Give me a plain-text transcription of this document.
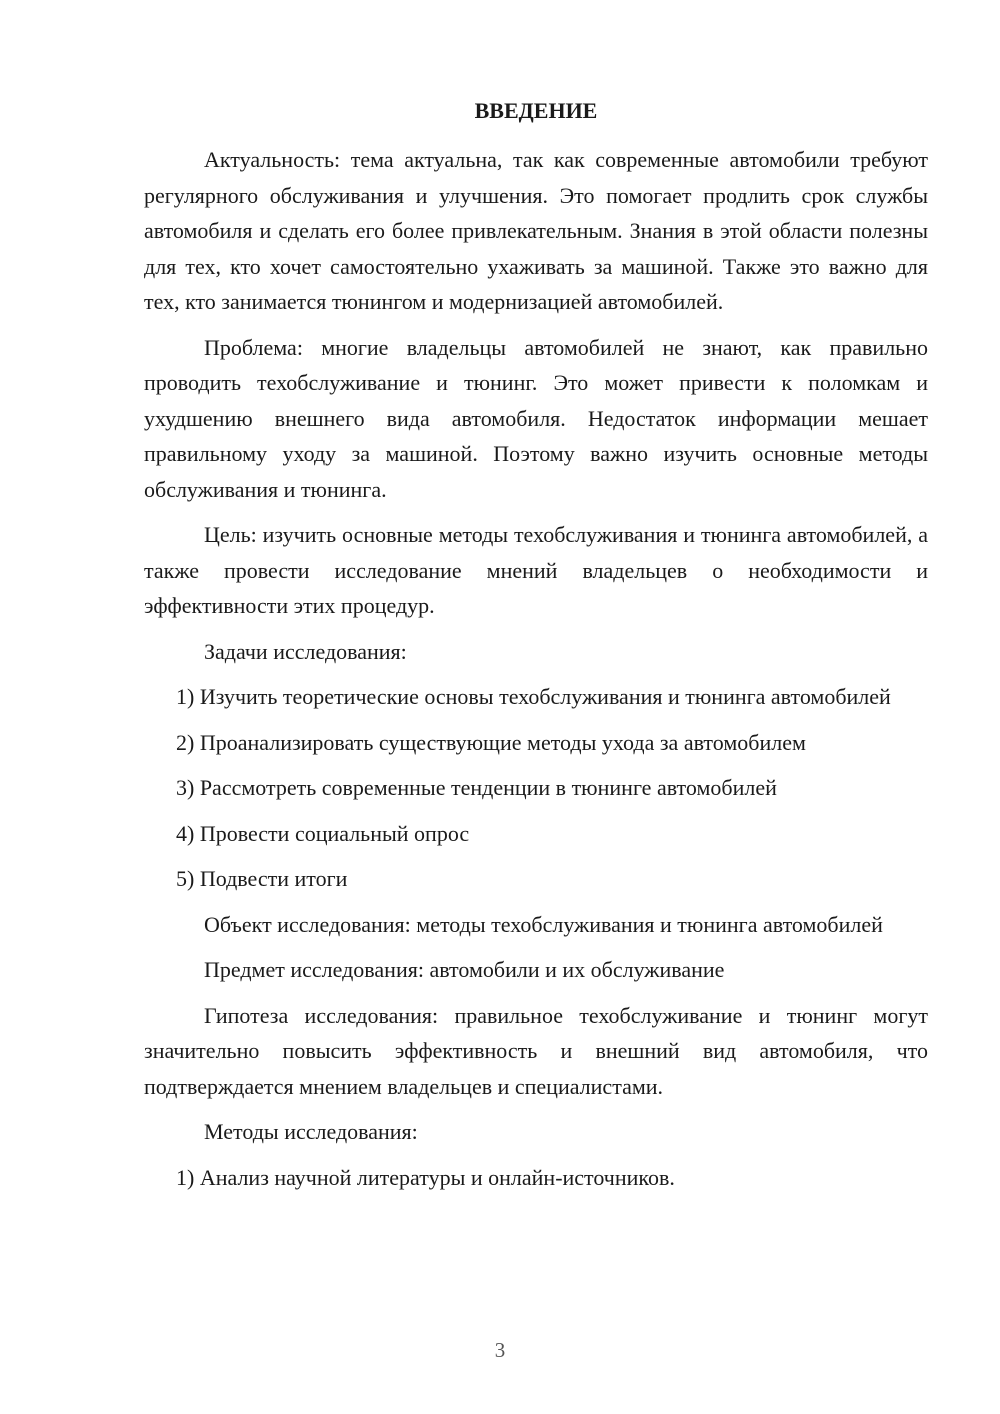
ВВЕДЕНИЕ

Актуальность: тема актуальна, так как современные автомобили требуют регулярного обслуживания и улучшения. Это помогает продлить срок службы автомобиля и сделать его более привлекательным. Знания в этой области полезны для тех, кто хочет самостоятельно ухаживать за машиной. Также это важно для тех, кто занимается тюнингом и модернизацией автомобилей.

Проблема: многие владельцы автомобилей не знают, как правильно проводить техобслуживание и тюнинг. Это может привести к поломкам и ухудшению внешнего вида автомобиля. Недостаток информации мешает правильному уходу за машиной. Поэтому важно изучить основные методы обслуживания и тюнинга.

Цель: изучить основные методы техобслуживания и тюнинга автомобилей, а также провести исследование мнений владельцев о необходимости и эффективности этих процедур.

Задачи исследования:

1) Изучить теоретические основы техобслуживания и тюнинга автомобилей

2) Проанализировать существующие методы ухода за автомобилем

3) Рассмотреть современные тенденции в тюнинге автомобилей

4) Провести социальный опрос

5) Подвести итоги

Объект исследования: методы техобслуживания и тюнинга автомобилей

Предмет исследования: автомобили и их обслуживание

Гипотеза исследования: правильное техобслуживание и тюнинг могут значительно повысить эффективность и внешний вид автомобиля, что подтверждается мнением владельцев и специалистами.

Методы исследования:

1) Анализ научной литературы и онлайн-источников.

3
